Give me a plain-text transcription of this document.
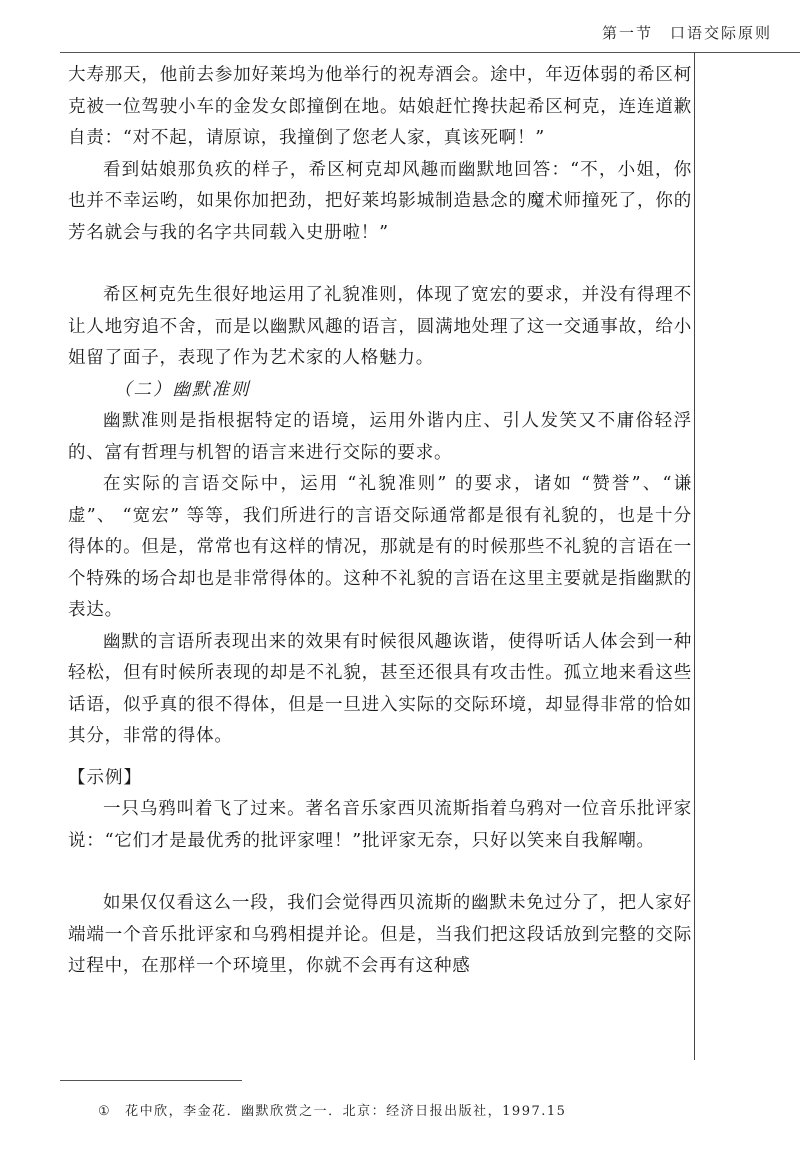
第一节　口语交际原则

大寿那天，他前去参加好莱坞为他举行的祝寿酒会。途中，年迈体弱的希区柯克被一位驾驶小车的金发女郎撞倒在地。姑娘赶忙搀扶起希区柯克，连连道歉自责：“对不起，请原谅，我撞倒了您老人家，真该死啊！”

看到姑娘那负疚的样子，希区柯克却风趣而幽默地回答：“不，小姐，你也并不幸运哟，如果你加把劲，把好莱坞影城制造悬念的魔术师撞死了，你的芳名就会与我的名字共同载入史册啦！”

希区柯克先生很好地运用了礼貌准则，体现了宽宏的要求，并没有得理不让人地穷追不舍，而是以幽默风趣的语言，圆满地处理了这一交通事故，给小姐留了面子，表现了作为艺术家的人格魅力。

（二）幽默准则

幽默准则是指根据特定的语境，运用外谐内庄、引人发笑又不庸俗轻浮的、富有哲理与机智的语言来进行交际的要求。

在实际的言语交际中，运用 “礼貌准则” 的要求，诸如 “赞誉”、“谦虚”、 “宽宏” 等等，我们所进行的言语交际通常都是很有礼貌的，也是十分得体的。但是，常常也有这样的情况，那就是有的时候那些不礼貌的言语在一个特殊的场合却也是非常得体的。这种不礼貌的言语在这里主要就是指幽默的表达。

幽默的言语所表现出来的效果有时候很风趣诙谐，使得听话人体会到一种轻松，但有时候所表现的却是不礼貌，甚至还很具有攻击性。孤立地来看这些话语，似乎真的很不得体，但是一旦进入实际的交际环境，却显得非常的恰如其分，非常的得体。

【示例】

一只乌鸦叫着飞了过来。著名音乐家西贝流斯指着乌鸦对一位音乐批评家说：“它们才是最优秀的批评家哩！”批评家无奈，只好以笑来自我解嘲。

如果仅仅看这么一段，我们会觉得西贝流斯的幽默未免过分了，把人家好端端一个音乐批评家和乌鸦相提并论。但是，当我们把这段话放到完整的交际过程中，在那样一个环境里，你就不会再有这种感

① 花中欣，李金花．幽默欣赏之一．北京：经济日报出版社，1997.15
